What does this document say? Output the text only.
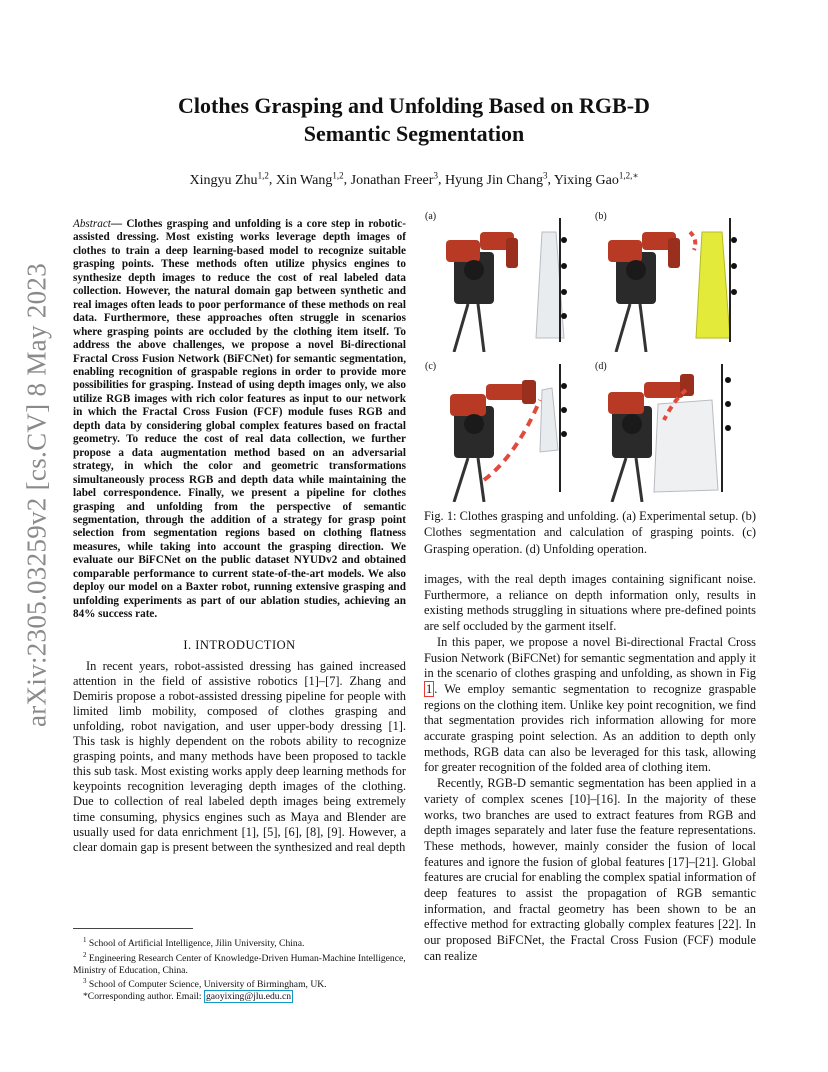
arXiv:2305.03259v2 [cs.CV] 8 May 2023
Clothes Grasping and Unfolding Based on RGB-D
Semantic Segmentation
Xingyu Zhu$^{1,2}$, Xin Wang$^{1,2}$, Jonathan Freer$^3$, Hyung Jin Chang$^3$, Yixing Gao$^{1,2,∗}$

Abstract— Clothes grasping and unfolding is a core step in robotic-assisted dressing. Most existing works leverage depth images of clothes to train a deep learning-based model to recognize suitable grasping points. These methods often utilize physics engines to synthesize depth images to reduce the cost of real labeled data collection. However, the natural domain gap between synthetic and real images often leads to poor performance of these methods on real data. Furthermore, these approaches often struggle in scenarios where grasping points are occluded by the clothing item itself. To address the above challenges, we propose a novel Bi-directional Fractal Cross Fusion Network (BiFCNet) for semantic segmentation, enabling recognition of graspable regions in order to provide more possibilities for grasping. Instead of using depth images only, we also utilize RGB images with rich color features as input to our network in which the Fractal Cross Fusion (FCF) module fuses RGB and depth data by considering global complex features based on fractal geometry. To reduce the cost of real data collection, we further propose a data augmentation method based on an adversarial strategy, in which the color and geometric transformations simultaneously process RGB and depth data while maintaining the label correspondence. Finally, we present a pipeline for clothes grasping and unfolding from the perspective of semantic segmentation, through the addition of a strategy for grasp point selection from segmentation regions based on clothing flatness measures, while taking into account the grasping direction. We evaluate our BiFCNet on the public dataset NYUDv2 and obtained comparable performance to current state-of-the-art models. We also deploy our model on a Baxter robot, running extensive grasping and unfolding experiments as part of our ablation studies, achieving an 84% success rate.

I. INTRODUCTION

In recent years, robot-assisted dressing has gained increased attention in the field of assistive robotics [1]–[7]. Zhang and Demiris propose a robot-assisted dressing pipeline for people with limited limb mobility, composed of clothes grasping and unfolding, robot navigation, and user upper-body dressing [1]. This task is highly dependent on the robots ability to recognize grasping points, and many methods have been proposed to tackle this sub task. Most existing works apply deep learning methods for keypoints recognition leveraging depth images of the clothing. Due to collection of real labeled depth images being extremely time consuming, physics engines such as Maya and Blender are usually used for data enrichment [1], [5], [6], [8], [9]. However, a clear domain gap is present between the synthesized and real depth

$^1$ School of Artificial Intelligence, Jilin University, China.

$^2$ Engineering Research Center of Knowledge-Driven Human-Machine Intelligence, Ministry of Education, China.

$^3$ School of Computer Science, University of Birmingham, UK.

*Corresponding author. Email: gaoyixing@jlu.edu.cn

(a)	(b)
(c)	(d)
Fig. 1: Clothes grasping and unfolding. (a) Experimental setup. (b) Clothes segmentation and calculation of grasping points. (c) Grasping operation. (d) Unfolding operation.

images, with the real depth images containing significant noise. Furthermore, a reliance on depth information only, results in existing methods struggling in situations where pre-defined points are self occluded by the garment itself.

In this paper, we propose a novel Bi-directional Fractal Cross Fusion Network (BiFCNet) for semantic segmentation and apply it in the scenario of clothes grasping and unfolding, as shown in Fig 1 . We employ semantic segmentation to recognize graspable regions on the clothing item. Unlike key point recognition, we find that segmentation provides rich information allowing for more accurate grasping point selection. As an addition to depth only methods, RGB data can also be leveraged for this task, allowing for greater recognition of the folded area of clothing item.

Recently, RGB-D semantic segmentation has been applied in a variety of complex scenes [10]–[16]. In the majority of these works, two branches are used to extract features from RGB and depth images separately and later fuse the feature representations. These methods, however, mainly consider the fusion of local features and ignore the fusion of global features [17]–[21]. Global features are crucial for enabling the complex spatial information of deep features to assist the propagation of RGB semantic information, and fractal geometry has been shown to be an effective method for extracting globally complex features [22]. In our proposed BiFCNet, the Fractal Cross Fusion (FCF) module can realize
